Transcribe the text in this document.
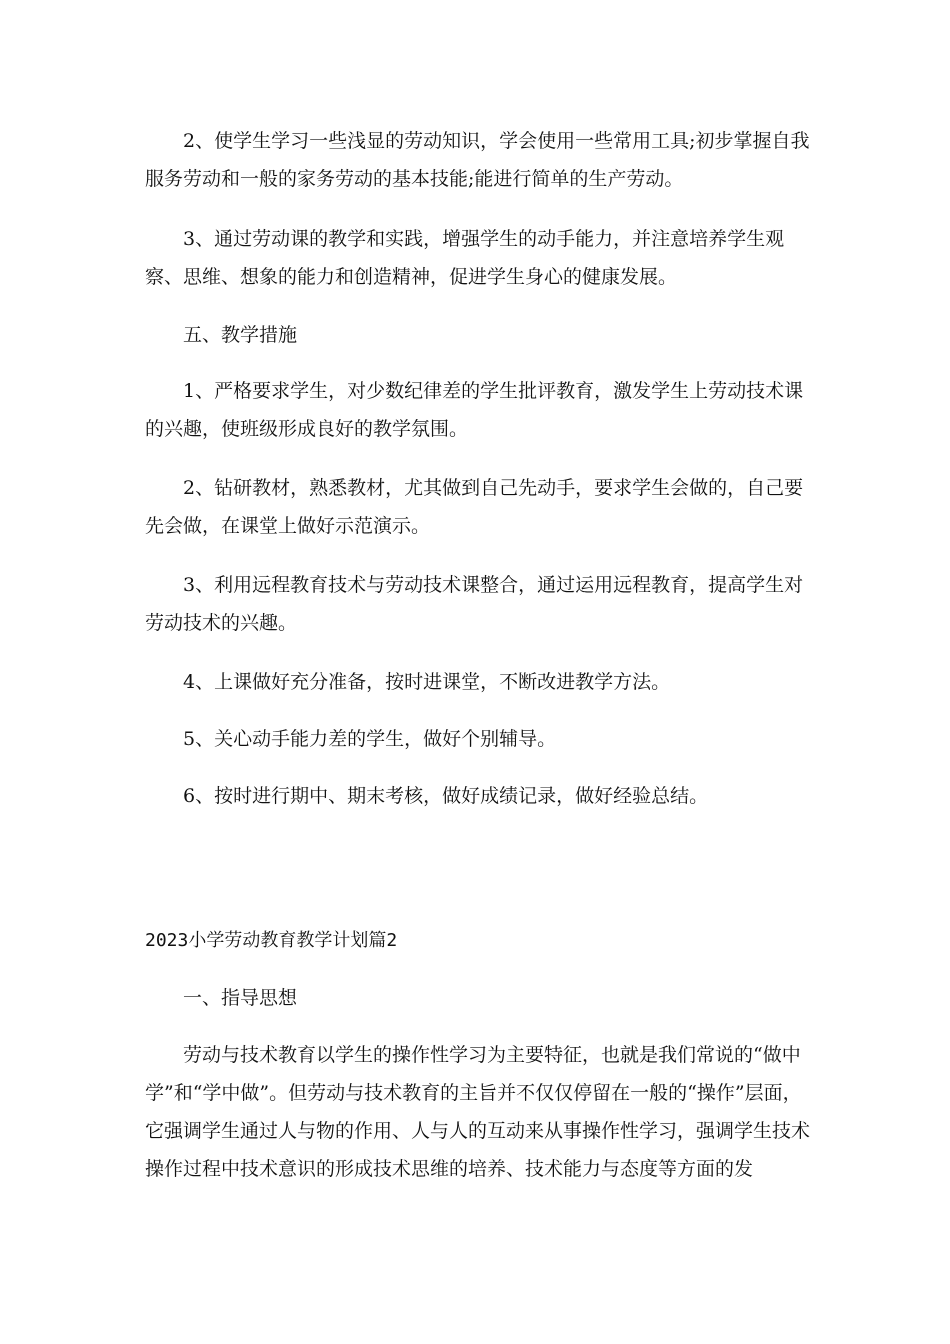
2、使学生学习一些浅显的劳动知识，学会使用一些常用工具;初步掌握自我服务劳动和一般的家务劳动的基本技能;能进行简单的生产劳动。

3、通过劳动课的教学和实践，增强学生的动手能力，并注意培养学生观察、思维、想象的能力和创造精神，促进学生身心的健康发展。

五、教学措施

1、严格要求学生，对少数纪律差的学生批评教育，激发学生上劳动技术课的兴趣，使班级形成良好的教学氛围。

2、钻研教材，熟悉教材，尤其做到自己先动手，要求学生会做的，自己要先会做，在课堂上做好示范演示。

3、利用远程教育技术与劳动技术课整合，通过运用远程教育，提高学生对劳动技术的兴趣。

4、上课做好充分准备，按时进课堂，不断改进教学方法。

5、关心动手能力差的学生，做好个别辅导。

6、按时进行期中、期末考核，做好成绩记录，做好经验总结。

2023小学劳动教育教学计划篇2

一、指导思想

劳动与技术教育以学生的操作性学习为主要特征，也就是我们常说的“做中学”和“学中做”。但劳动与技术教育的主旨并不仅仅停留在一般的“操作”层面，它强调学生通过人与物的作用、人与人的互动来从事操作性学习，强调学生技术操作过程中技术意识的形成技术思维的培养、技术能力与态度等方面的发
